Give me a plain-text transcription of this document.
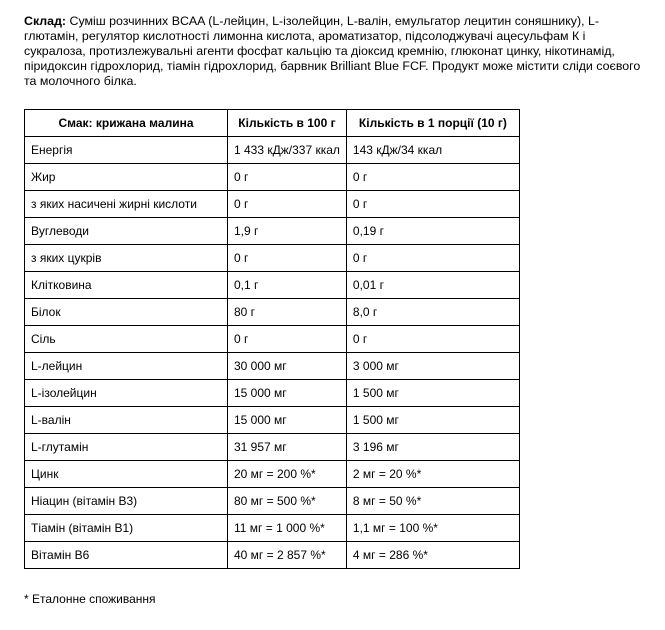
Склад: Суміш розчинних BCAA (L-лейцин, L-ізолейцин, L-валін, емульгатор лецитин соняшнику), L-глютамін, регулятор кислотності лимонна кислота, ароматизатор, підсолоджувачі ацесульфам К і сукралоза, протизлежувальні агенти фосфат кальцію та діоксид кремнію, глюконат цинку, нікотинамід, піридоксин гідрохлорид, тіамін гідрохлорид, барвник Brilliant Blue FCF. Продукт може містити сліди соєвого та молочного білка.
Смак: крижана малина	Кількість в 100 г	Кількість в 1 порції (10 г)
Енергія	1 433 кДж/337 ккал	143 кДж/34 ккал
Жир	0 г	0 г
з яких насичені жирні кислоти	0 г	0 г
Вуглеводи	1,9 г	0,19 г
з яких цукрів	0 г	0 г
Клітковина	0,1 г	0,01 г
Білок	80 г	8,0 г
Сіль	0 г	0 г
L-лейцин	30 000 мг	3 000 мг
L-ізолейцин	15 000 мг	1 500 мг
L-валін	15 000 мг	1 500 мг
L-глутамін	31 957 мг	3 196 мг
Цинк	20 мг = 200 %*	2 мг = 20 %*
Ніацин (вітамін B3)	80 мг = 500 %*	8 мг = 50 %*
Тіамін (вітамін B1)	11 мг = 1 000 %*	1,1 мг = 100 %*
Вітамін B6	40 мг = 2 857 %*	4 мг = 286 %*
* Еталонне споживання
